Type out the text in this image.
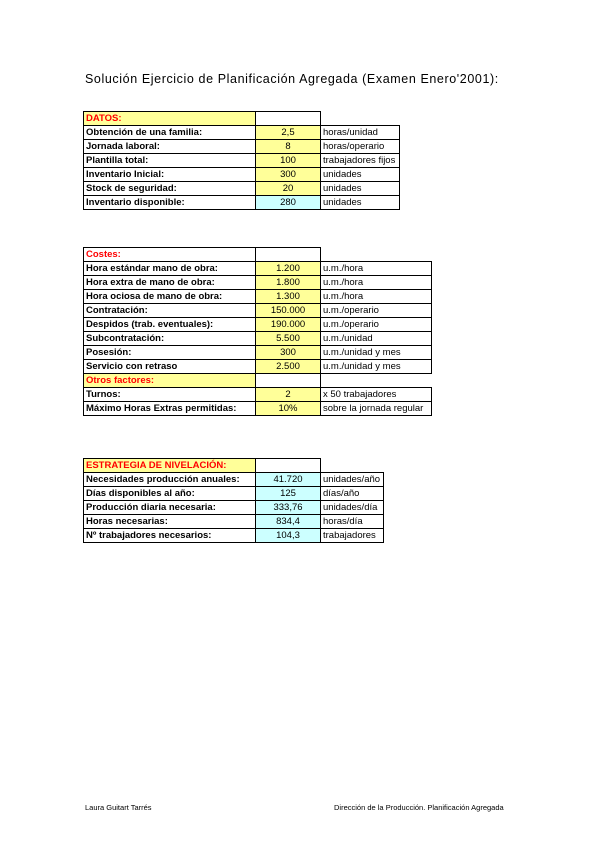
Solución Ejercicio de Planificación Agregada (Examen Enero'2001):
DATOS:		
Obtención de una familia:	2,5	horas/unidad
Jornada laboral:	8	horas/operario
Plantilla total:	100	trabajadores fijos
Inventario Inicial:	300	unidades
Stock de seguridad:	20	unidades
Inventario disponible:	280	unidades
Costes:		
Hora estándar mano de obra:	1.200	u.m./hora
Hora extra de mano de obra:	1.800	u.m./hora
Hora ociosa de mano de obra:	1.300	u.m./hora
Contratación:	150.000	u.m./operario
Despidos (trab. eventuales):	190.000	u.m./operario
Subcontratación:	5.500	u.m./unidad
Posesión:	300	u.m./unidad y mes
Servicio con retraso	2.500	u.m./unidad y mes
Otros factores:		
Turnos:	2	x 50 trabajadores
Máximo Horas Extras permitidas:	10%	sobre la jornada regular
ESTRATEGIA DE NIVELACIÓN:		
Necesidades producción anuales:	41.720	unidades/año
Días disponibles al año:	125	días/año
Producción diaria necesaria:	333,76	unidades/día
Horas necesarias:	834,4	horas/día
Nº trabajadores necesarios:	104,3	trabajadores
Laura Guitart Tarrés	Dirección de la Producción. Planificación Agregada
